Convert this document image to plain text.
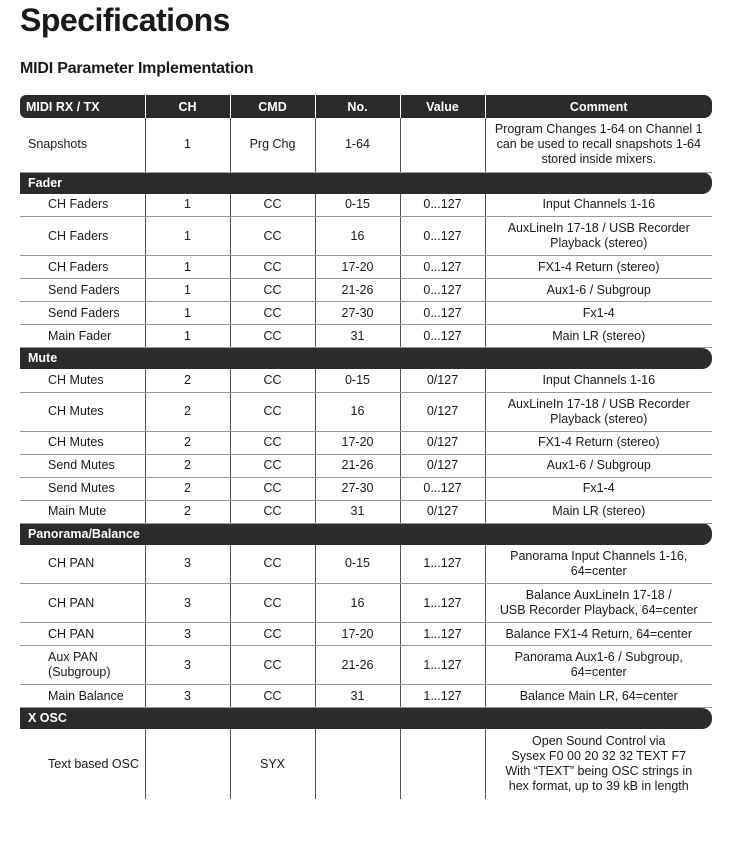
Specifications
MIDI Parameter Implementation
MIDI RX / TX	CH	CMD	No.	Value	Comment
Snapshots	1	Prg Chg	1-64		Program Changes 1-64 on Channel 1
can be used to recall snapshots 1-64
stored inside mixers.

Fader					
CH Faders	1	CC	0-15	0...127	Input Channels 1-16

CH Faders	1	CC	16	0...127	AuxLineIn 17-18 / USB Recorder
Playback (stereo)

CH Faders	1	CC	17-20	0...127	FX1-4 Return (stereo)

Send Faders	1	CC	21-26	0...127	Aux1-6 / Subgroup

Send Faders	1	CC	27-30	0...127	Fx1-4

Main Fader	1	CC	31	0...127	Main LR (stereo)

Mute					
CH Mutes	2	CC	0-15	0/127	Input Channels 1-16

CH Mutes	2	CC	16	0/127	AuxLineIn 17-18 / USB Recorder
Playback (stereo)

CH Mutes	2	CC	17-20	0/127	FX1-4 Return (stereo)

Send Mutes	2	CC	21-26	0/127	Aux1-6 / Subgroup

Send Mutes	2	CC	27-30	0...127	Fx1-4

Main Mute	2	CC	31	0/127	Main LR (stereo)

Panorama/Balance					
CH PAN	3	CC	0-15	1...127	Panorama Input Channels 1-16,
64=center

CH PAN	3	CC	16	1...127	Balance AuxLineIn 17-18 /
USB Recorder Playback, 64=center

CH PAN	3	CC	17-20	1...127	Balance FX1-4 Return, 64=center

Aux PAN
(Subgroup)	3	CC	21-26	1...127	Panorama Aux1-6 / Subgroup, 64=center

Main Balance	3	CC	31	1...127	Balance Main LR, 64=center

X OSC					
Text based OSC		SYX			Open Sound Control via
Sysex F0 00 20 32 32 TEXT F7
With “TEXT” being OSC strings in
hex format, up to 39 kB in length
